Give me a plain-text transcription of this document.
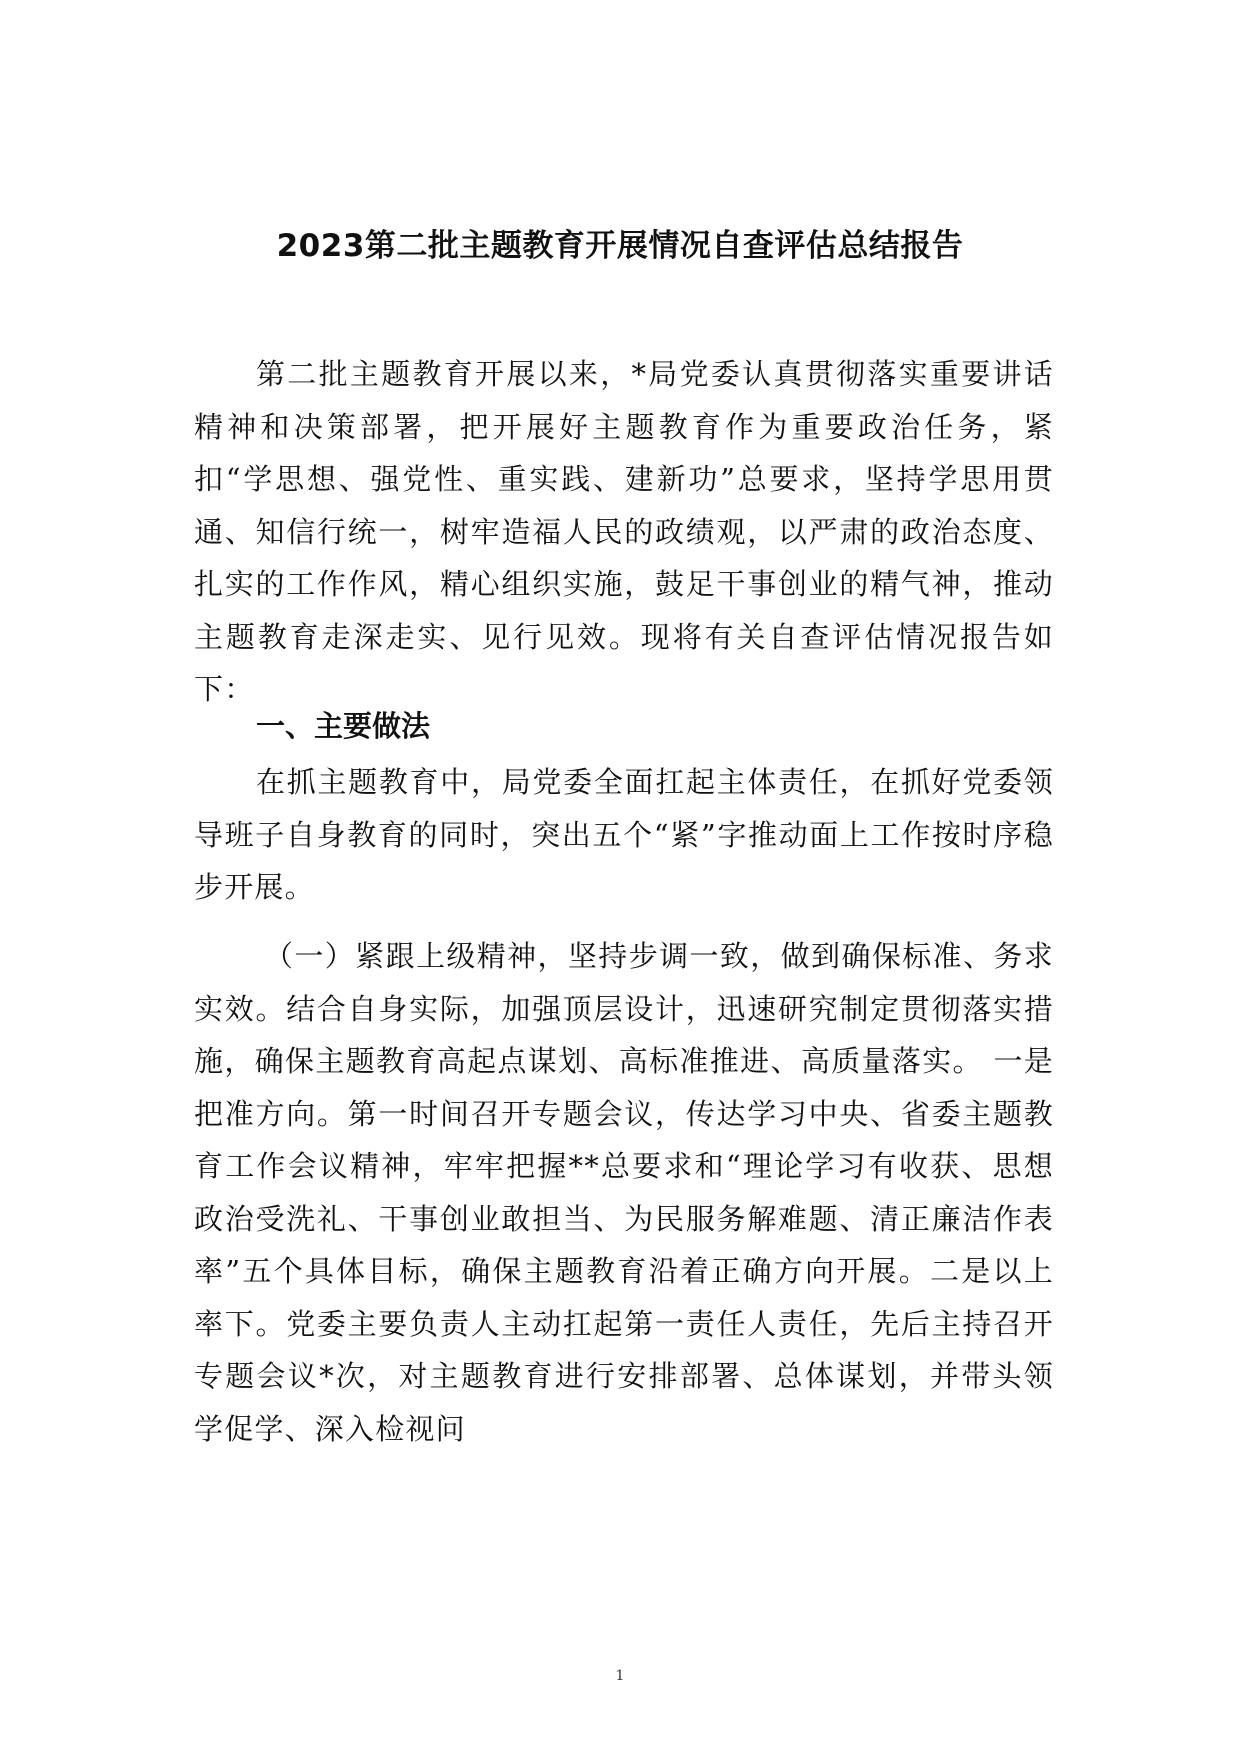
2023第二批主题教育开展情况自查评估总结报告

第二批主题教育开展以来，*局党委认真贯彻落实重要讲话精神和决策部署，把开展好主题教育作为重要政治任务，紧扣“学思想、强党性、重实践、建新功”总要求，坚持学思用贯通、知信行统一，树牢造福人民的政绩观，以严肃的政治态度、扎实的工作作风，精心组织实施，鼓足干事创业的精气神，推动主题教育走深走实、见行见效。现将有关自查评估情况报告如下：

一、主要做法

在抓主题教育中，局党委全面扛起主体责任，在抓好党委领导班子自身教育的同时，突出五个“紧”字推动面上工作按时序稳步开展。

（一）紧跟上级精神，坚持步调一致，做到确保标准、务求实效。结合自身实际，加强顶层设计，迅速研究制定贯彻落实措施，确保主题教育高起点谋划、高标准推进、高质量落实。 一是把准方向。第一时间召开专题会议，传达学习中央、省委主题教育工作会议精神，牢牢把握**总要求和“理论学习有收获、思想政治受洗礼、干事创业敢担当、为民服务解难题、清正廉洁作表率”五个具体目标，确保主题教育沿着正确方向开展。二是以上率下。党委主要负责人主动扛起第一责任人责任，先后主持召开专题会议*次，对主题教育进行安排部署、总体谋划，并带头领学促学、深入检视问

1
